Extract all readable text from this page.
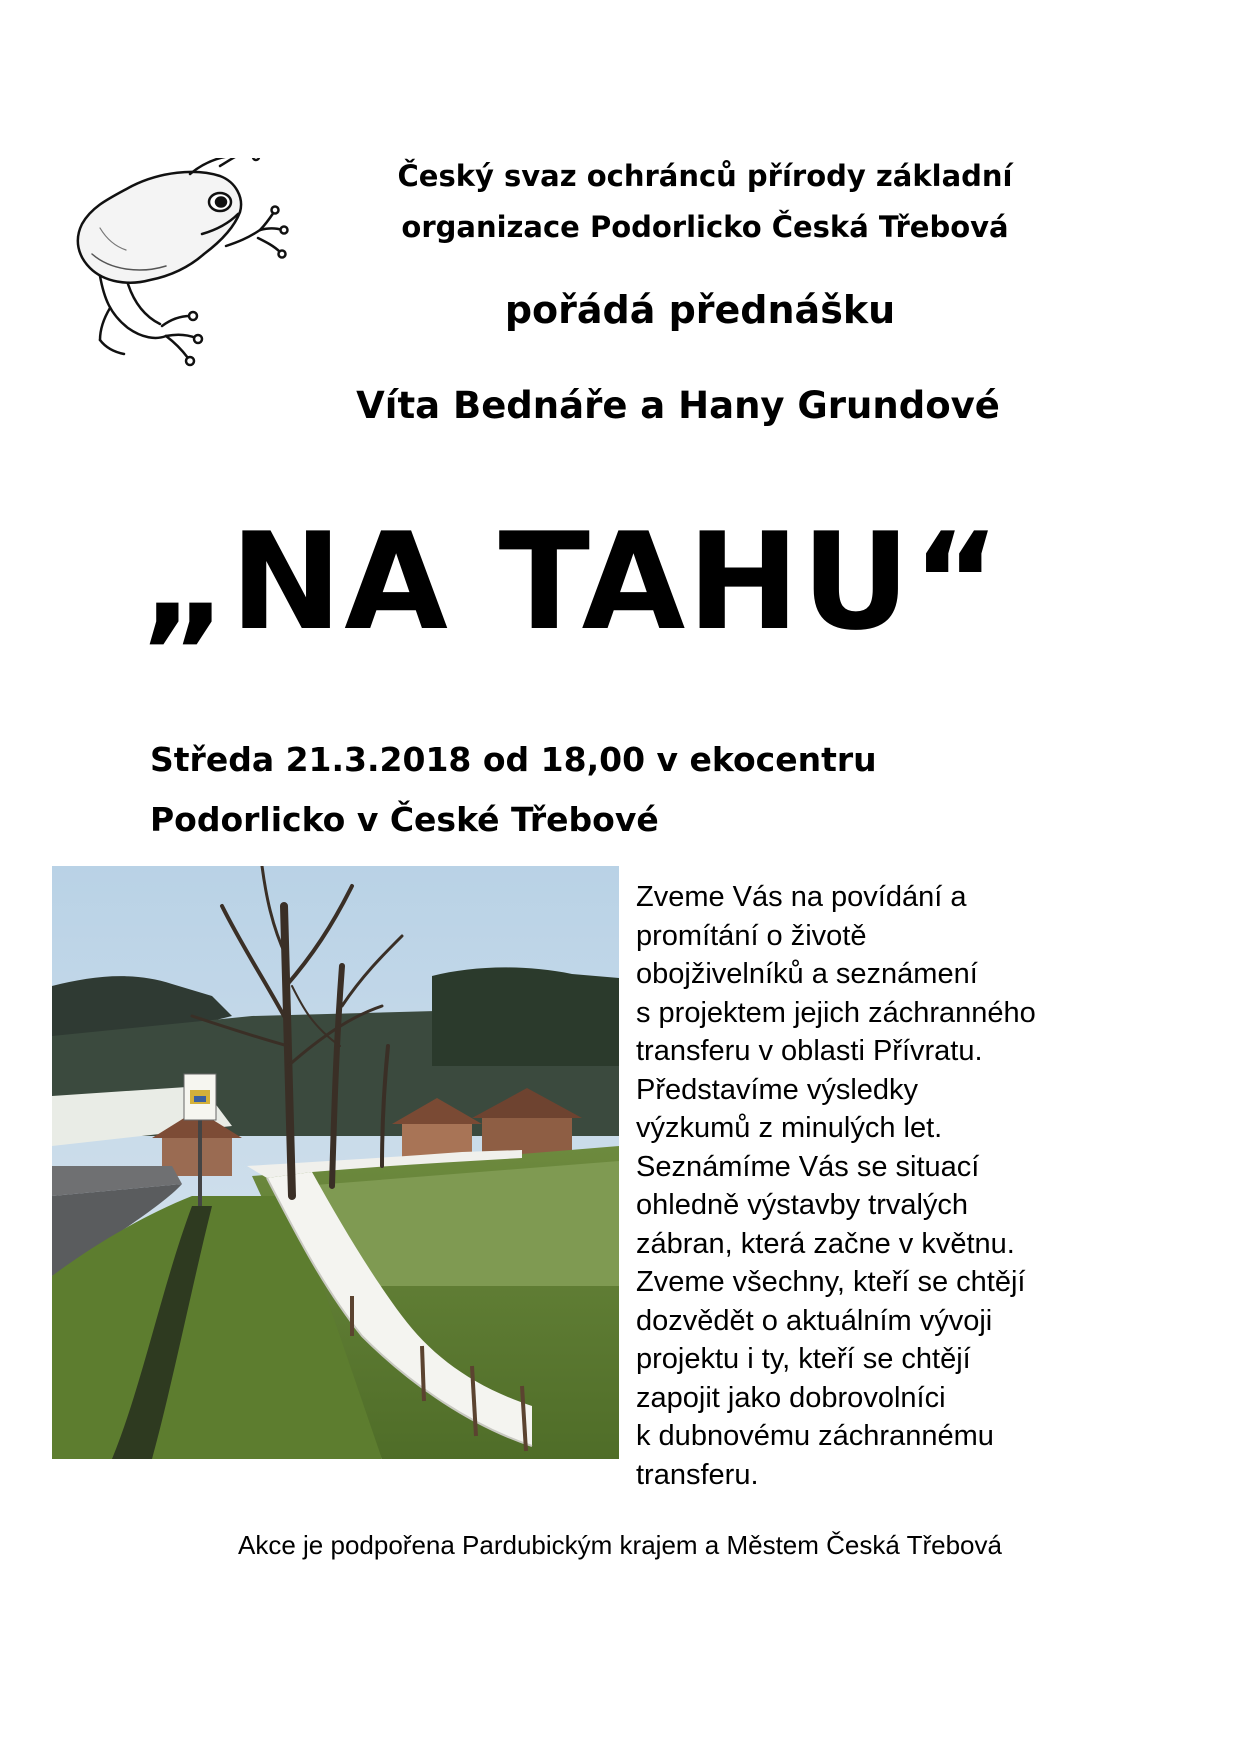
Český svaz ochránců přírody základní
organizace Podorlicko Česká Třebová
pořádá přednášku
Víta Bednáře a Hany Grundové
„NA TAHU“
Středa 21.3.2018 od 18,00 v ekocentru
Podorlicko v České Třebové
Zveme Vás na povídání a
promítání o životě
obojživelníků a seznámení
s projektem jejich záchranného
transferu v oblasti Přívratu.
Představíme výsledky
výzkumů z minulých let.
Seznámíme Vás se situací
ohledně výstavby trvalých
zábran, která začne v květnu.
Zveme všechny, kteří se chtějí
dozvědět o aktuálním vývoji
projektu i ty, kteří se chtějí
zapojit jako dobrovolníci
k dubnovému záchrannému
transferu.
Akce je podpořena Pardubickým krajem a Městem Česká Třebová
